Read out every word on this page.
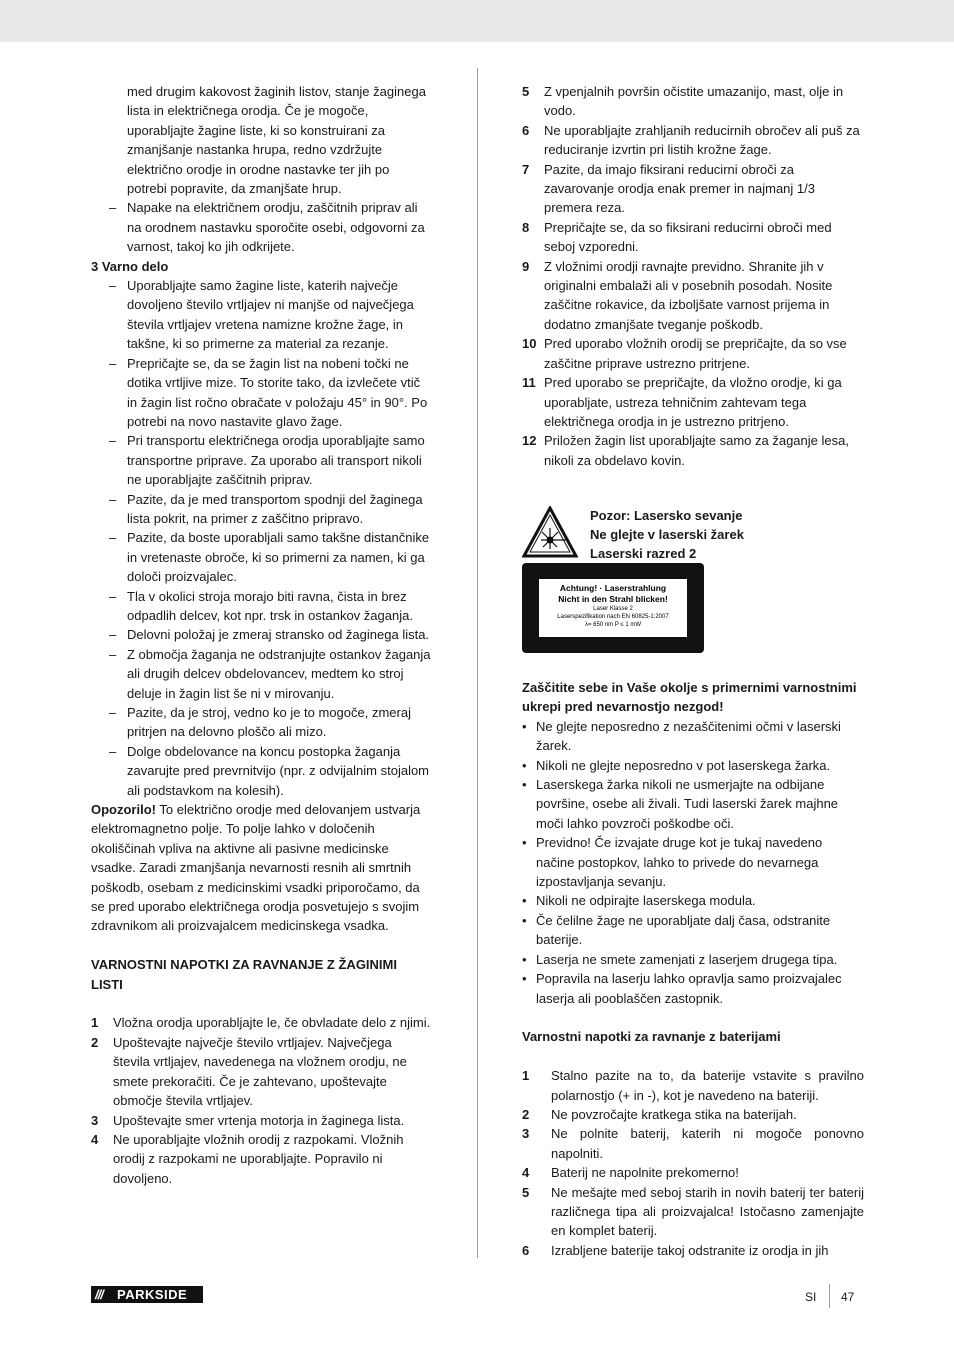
med drugim kakovost žaginih listov, stanje žaginega lista in električnega orodja. Če je mogoče, uporabljajte žagine liste, ki so konstruirani za zmanjšanje nastanka hrupa, redno vzdržujte električno orodje in orodne nastavke ter jih po potrebi popravite, da zmanjšate hrup.
– Napake na električnem orodju, zaščitnih priprav ali na orodnem nastavku sporočite osebi, odgovorni za varnost, takoj ko jih odkrijete.
3 Varno delo
– Uporabljajte samo žagine liste, katerih največje dovoljeno število vrtljajev ni manjše od največjega števila vrtljajev vretena namizne krožne žage, in takšne, ki so primerne za material za rezanje.
– Prepričajte se, da se žagin list na nobeni točki ne dotika vrtljive mize. To storite tako, da izvlečete vtič in žagin list ročno obračate v položaju 45° in 90°. Po potrebi na novo nastavite glavo žage.
– Pri transportu električnega orodja uporabljajte samo transportne priprave. Za uporabo ali transport nikoli ne uporabljajte zaščitnih priprav.
– Pazite, da je med transportom spodnji del žaginega lista pokrit, na primer z zaščitno pripravo.
– Pazite, da boste uporabljali samo takšne distančnike in vretenaste obroče, ki so primerni za namen, ki ga določi proizvajalec.
– Tla v okolici stroja morajo biti ravna, čista in brez odpadlih delcev, kot npr. trsk in ostankov žaganja.
– Delovni položaj je zmeraj stransko od žaginega lista.
– Z območja žaganja ne odstranjujte ostankov žaganja ali drugih delcev obdelovancev, medtem ko stroj deluje in žagin list še ni v mirovanju.
– Pazite, da je stroj, vedno ko je to mogoče, zmeraj pritrjen na delovno ploščo ali mizo.
– Dolge obdelovance na koncu postopka žaganja zavarujte pred prevrnitvijo (npr. z odvijalnim stojalom ali podstavkom na kolesih).
Opozorilo! To električno orodje med delovanjem ustvarja elektromagnetno polje. To polje lahko v določenih okoliščinah vpliva na aktivne ali pasivne medicinske vsadke. Zaradi zmanjšanja nevarnosti resnih ali smrtnih poškodb, osebam z medicinskimi vsadki priporočamo, da se pred uporabo električnega orodja posvetujejo s svojim zdravnikom ali proizvajalcem medicinskega vsadka.
VARNOSTNI NAPOTKI ZA RAVNANJE Z ŽAGINIMI LISTI
1	Vložna orodja uporabljajte le, če obvladate delo z njimi.
2	Upoštevajte največje število vrtljajev. Največjega števila vrtljajev, navedenega na vložnem orodju, ne smete prekoračiti. Če je zahtevano, upoštevajte območje števila vrtljajev.
3	Upoštevajte smer vrtenja motorja in žaginega lista.
4	Ne uporabljajte vložnih orodij z razpokami. Vložnih orodij z razpokami ne uporabljajte. Popravilo ni dovoljeno.
5	Z vpenjalnih površin očistite umazanijo, mast, olje in vodo.
6	Ne uporabljajte zrahljanih reducirnih obročev ali puš za reduciranje izvrtin pri listih krožne žage.
7	Pazite, da imajo fiksirani reducirni obroči za zavarovanje orodja enak premer in najmanj 1/3 premera reza.
8	Prepričajte se, da so fiksirani reducirni obroči med seboj vzporedni.
9	Z vložnimi orodji ravnajte previdno. Shranite jih v originalni embalaži ali v posebnih posodah. Nosite zaščitne rokavice, da izboljšate varnost prijema in dodatno zmanjšate tveganje poškodb.
10 Pred uporabo vložnih orodij se prepričajte, da so vse zaščitne priprave ustrezno pritrjene.
11 Pred uporabo se prepričajte, da vložno orodje, ki ga uporabljate, ustreza tehničnim zahtevam tega električnega orodja in je ustrezno pritrjeno.
12 Priložen žagin list uporabljajte samo za žaganje lesa, nikoli za obdelavo kovin.
Pozor: Lasersko sevanje
Ne glejte v laserski žarek
Laserski razred 2
Achtung! · Laserstrahlung
Nicht in den Strahl blicken!
Laser Klasse 2
Laserspezifikation nach EN 60825-1:2007
λ= 650 nm P ≤ 1 mW
Zaščitite sebe in Vaše okolje s primernimi varnostnimi ukrepi pred nevarnostjo nezgod!
• Ne glejte neposredno z nezaščitenimi očmi v laserski žarek.
• Nikoli ne glejte neposredno v pot laserskega žarka.
• Laserskega žarka nikoli ne usmerjajte na odbijane površine, osebe ali živali. Tudi laserski žarek majhne moči lahko povzroči poškodbe oči.
• Previdno! Če izvajate druge kot je tukaj navedeno načine postopkov, lahko to privede do nevarnega izpostavljanja sevanju.
• Nikoli ne odpirajte laserskega modula.
• Če čelilne žage ne uporabljate dalj časa, odstranite baterije.
• Laserja ne smete zamenjati z laserjem drugega tipa.
• Popravila na laserju lahko opravlja samo proizvajalec laserja ali pooblaščen zastopnik.
Varnostni napotki za ravnanje z baterijami
1	Stalno pazite na to, da baterije vstavite s pravilno polarnostjo (+ in -), kot je navedeno na bateriji.
2	Ne povzročajte kratkega stika na baterijah.
3	Ne polnite baterij, katerih ni mogoče ponovno napolniti.
4	Baterij ne napolnite prekomerno!
5	Ne mešajte med seboj starih in novih baterij ter baterij različnega tipa ali proizvajalca! Istočasno zamenjajte en komplet baterij.
6	Izrabljene baterije takoj odstranite iz orodja in jih
/// PARKSIDE	SI 47
